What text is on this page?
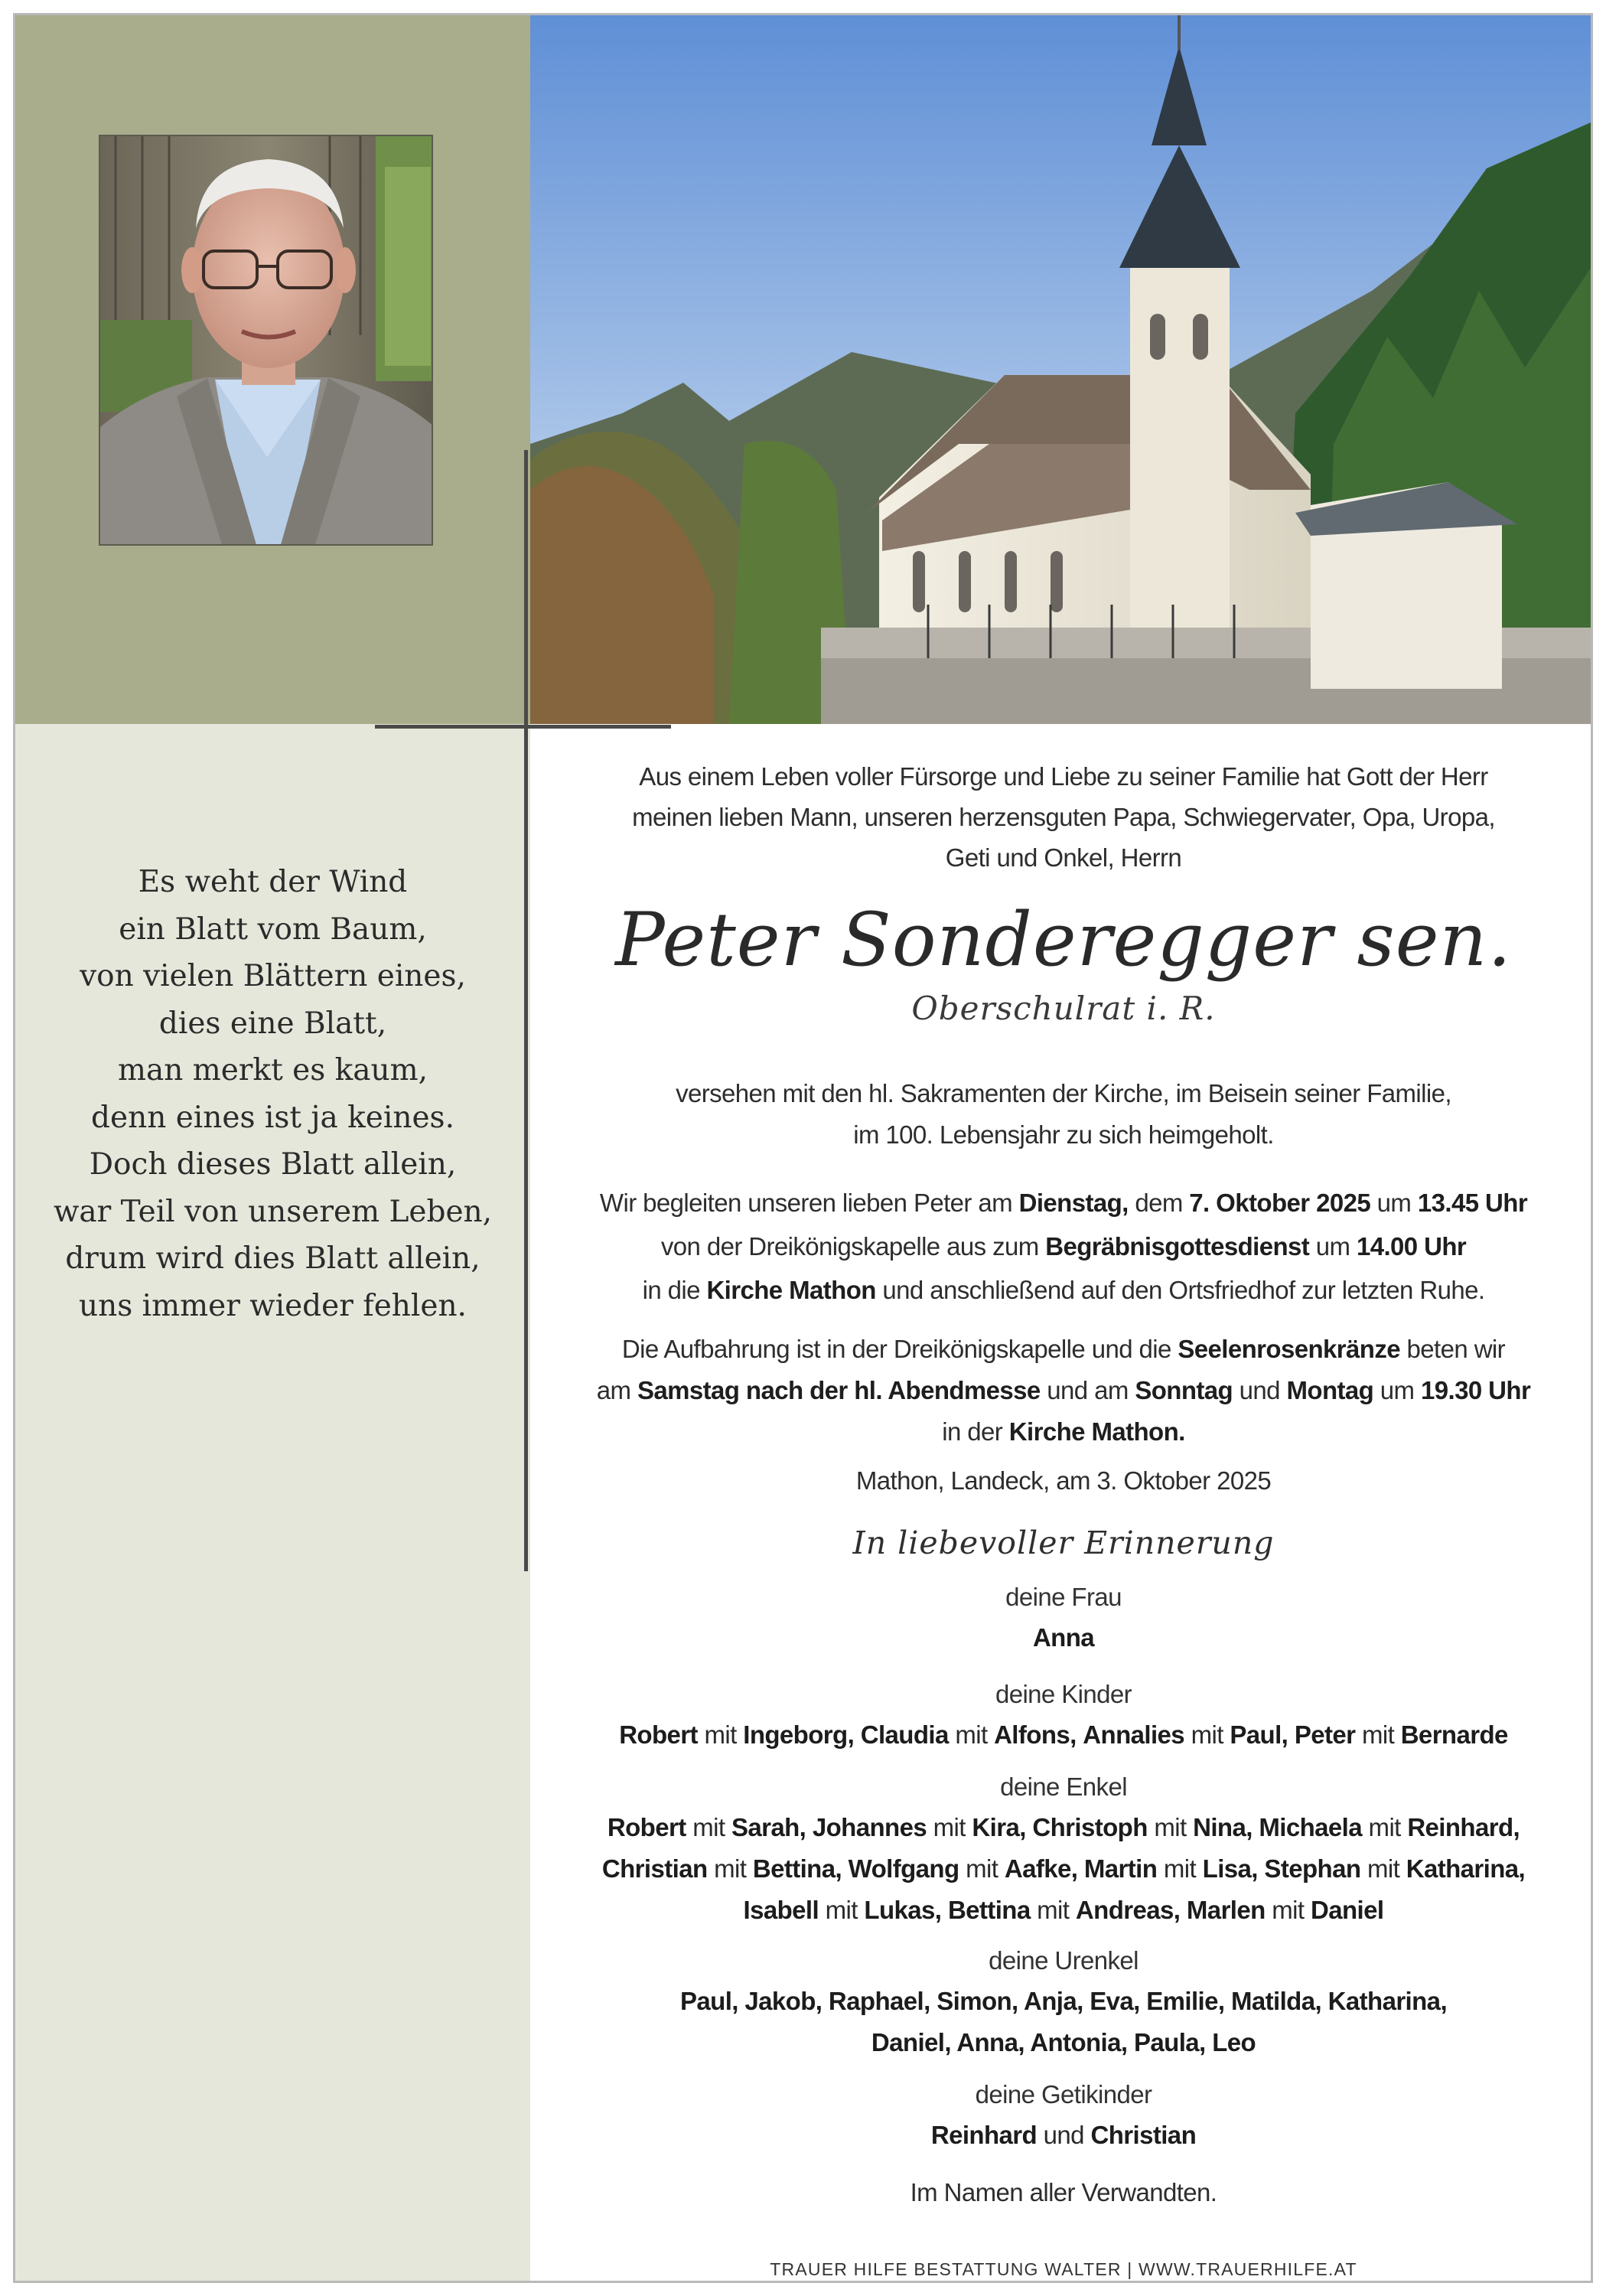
Es weht der Wind
ein Blatt vom Baum,
von vielen Blättern eines,
dies eine Blatt,
man merkt es kaum,
denn eines ist ja keines.
Doch dieses Blatt allein,
war Teil von unserem Leben,
drum wird dies Blatt allein,
uns immer wieder fehlen.
Aus einem Leben voller Fürsorge und Liebe zu seiner Familie hat Gott der Herr
meinen lieben Mann, unseren herzensguten Papa, Schwiegervater, Opa, Uropa,
Geti und Onkel, Herrn
Peter Sonderegger sen.
Oberschulrat i. R.
versehen mit den hl. Sakramenten der Kirche, im Beisein seiner Familie,
im 100. Lebensjahr zu sich heimgeholt.
Wir begleiten unseren lieben Peter am Dienstag, dem 7. Oktober 2025 um 13.45 Uhr
von der Dreikönigskapelle aus zum Begräbnisgottesdienst um 14.00 Uhr
in die Kirche Mathon und anschließend auf den Ortsfriedhof zur letzten Ruhe.
Die Aufbahrung ist in der Dreikönigskapelle und die Seelenrosenkränze beten wir
am Samstag nach der hl. Abendmesse und am Sonntag und Montag um 19.30 Uhr
in der Kirche Mathon.
Mathon, Landeck, am 3. Oktober 2025
In liebevoller Erinnerung
deine Frau
Anna
deine Kinder
Robert mit Ingeborg, Claudia mit Alfons, Annalies mit Paul, Peter mit Bernarde
deine Enkel
Robert mit Sarah, Johannes mit Kira, Christoph mit Nina, Michaela mit Reinhard,
Christian mit Bettina, Wolfgang mit Aafke, Martin mit Lisa, Stephan mit Katharina,
Isabell mit Lukas, Bettina mit Andreas, Marlen mit Daniel
deine Urenkel
Paul, Jakob, Raphael, Simon, Anja, Eva, Emilie, Matilda, Katharina,
Daniel, Anna, Antonia, Paula, Leo
deine Getikinder
Reinhard und Christian
Im Namen aller Verwandten.
TRAUER HILFE BESTATTUNG WALTER | WWW.TRAUERHILFE.AT
